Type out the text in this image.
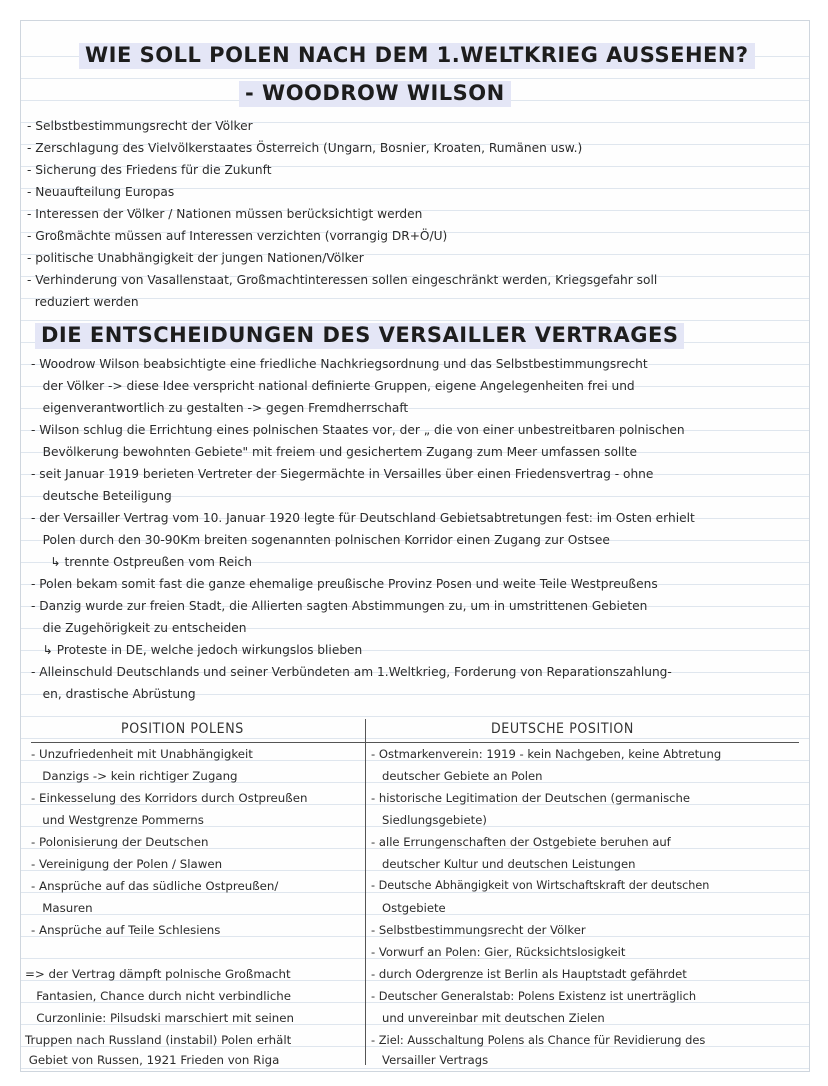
WIE SOLL POLEN NACH DEM 1.WELTKRIEG AUSSEHEN?
- WOODROW WILSON
- Selbstbestimmungsrecht der Völker
- Zerschlagung des Vielvölkerstaates Österreich (Ungarn, Bosnier, Kroaten, Rumänen usw.)
- Sicherung des Friedens für die Zukunft
- Neuaufteilung Europas
- Interessen der Völker / Nationen müssen berücksichtigt werden
- Großmächte müssen auf Interessen verzichten (vorrangig DR+Ö/U)
- politische Unabhängigkeit der jungen Nationen/Völker
- Verhinderung von Vasallenstaat, Großmachtinteressen sollen eingeschränkt werden, Kriegsgefahr soll
reduziert werden
DIE ENTSCHEIDUNGEN DES VERSAILLER VERTRAGES
- Woodrow Wilson beabsichtigte eine friedliche Nachkriegsordnung und das Selbstbestimmungsrecht
der Völker -> diese Idee verspricht national definierte Gruppen, eigene Angelegenheiten frei und
eigenverantwortlich zu gestalten -> gegen Fremdherrschaft
- Wilson schlug die Errichtung eines polnischen Staates vor, der „ die von einer unbestreitbaren polnischen
Bevölkerung bewohnten Gebiete" mit freiem und gesichertem Zugang zum Meer umfassen sollte
- seit Januar 1919 berieten Vertreter der Siegermächte in Versailles über einen Friedensvertrag - ohne
deutsche Beteiligung
- der Versailler Vertrag vom 10. Januar 1920 legte für Deutschland Gebietsabtretungen fest: im Osten erhielt
Polen durch den 30-90Km breiten sogenannten polnischen Korridor einen Zugang zur Ostsee
↳ trennte Ostpreußen vom Reich
- Polen bekam somit fast die ganze ehemalige preußische Provinz Posen und weite Teile Westpreußens
- Danzig wurde zur freien Stadt, die Allierten sagten Abstimmungen zu, um in umstrittenen Gebieten
die Zugehörigkeit zu entscheiden
↳ Proteste in DE, welche jedoch wirkungslos blieben
- Alleinschuld Deutschlands und seiner Verbündeten am 1.Weltkrieg, Forderung von Reparationszahlung-
en, drastische Abrüstung
POSITION POLENS	DEUTSCHE POSITION
- Unzufriedenheit mit Unabhängigkeit
Danzigs -> kein richtiger Zugang
- Einkesselung des Korridors durch Ostpreußen
und Westgrenze Pommerns
- Polonisierung der Deutschen
- Vereinigung der Polen / Slawen
- Ansprüche auf das südliche Ostpreußen/
Masuren
- Ansprüche auf Teile Schlesiens
=> der Vertrag dämpft polnische Großmacht
Fantasien, Chance durch nicht verbindliche
Curzonlinie: Pilsudski marschiert mit seinen
Truppen nach Russland (instabil) Polen erhält
Gebiet von Russen, 1921 Frieden von Riga
- Ostmarkenverein: 1919 - kein Nachgeben, keine Abtretung
deutscher Gebiete an Polen
- historische Legitimation der Deutschen (germanische
Siedlungsgebiete)
- alle Errungenschaften der Ostgebiete beruhen auf
deutscher Kultur und deutschen Leistungen
- Deutsche Abhängigkeit von Wirtschaftskraft der deutschen
Ostgebiete
- Selbstbestimmungsrecht der Völker
- Vorwurf an Polen: Gier, Rücksichtslosigkeit
- durch Odergrenze ist Berlin als Hauptstadt gefährdet
- Deutscher Generalstab: Polens Existenz ist unerträglich
und unvereinbar mit deutschen Zielen
- Ziel: Ausschaltung Polens als Chance für Revidierung des
Versailler Vertrags
